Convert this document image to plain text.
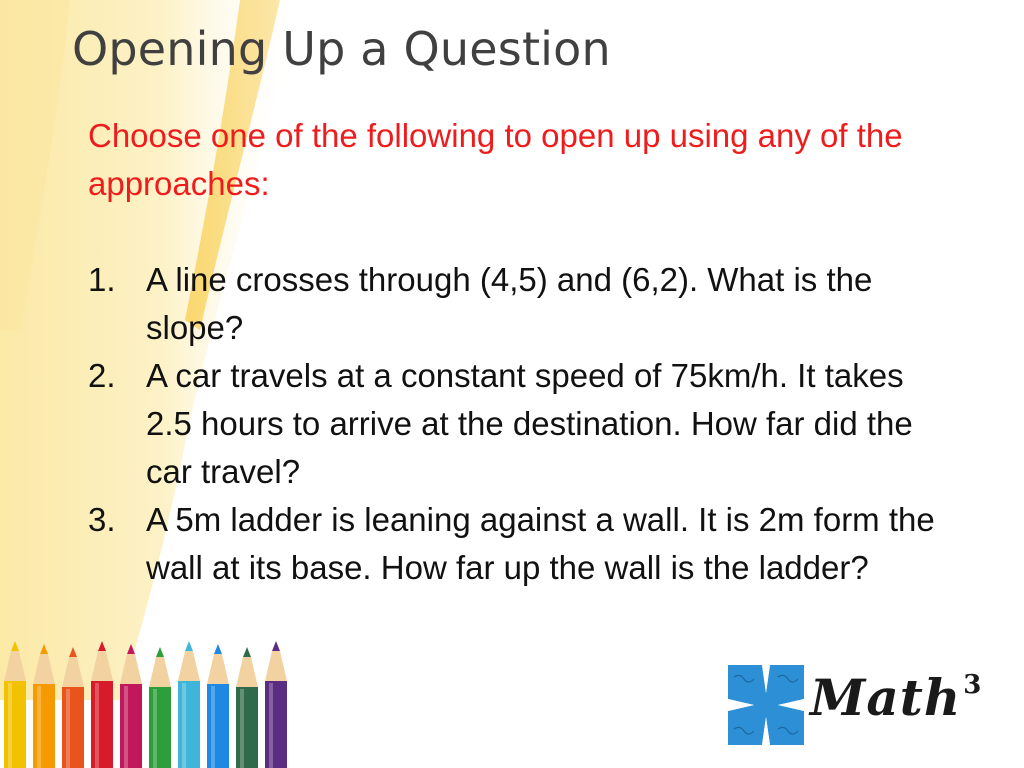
Opening Up a Question

Choose one of the following to open up using any of the approaches:

1. A line crosses through (4,5) and (6,2). What is the slope?
2. A car travels at a constant speed of 75km/h. It takes 2.5 hours to arrive at the destination. How far did the car travel?
3. A 5m ladder is leaning against a wall. It is 2m form the wall at its base. How far up the wall is the ladder?
Math$^3$
